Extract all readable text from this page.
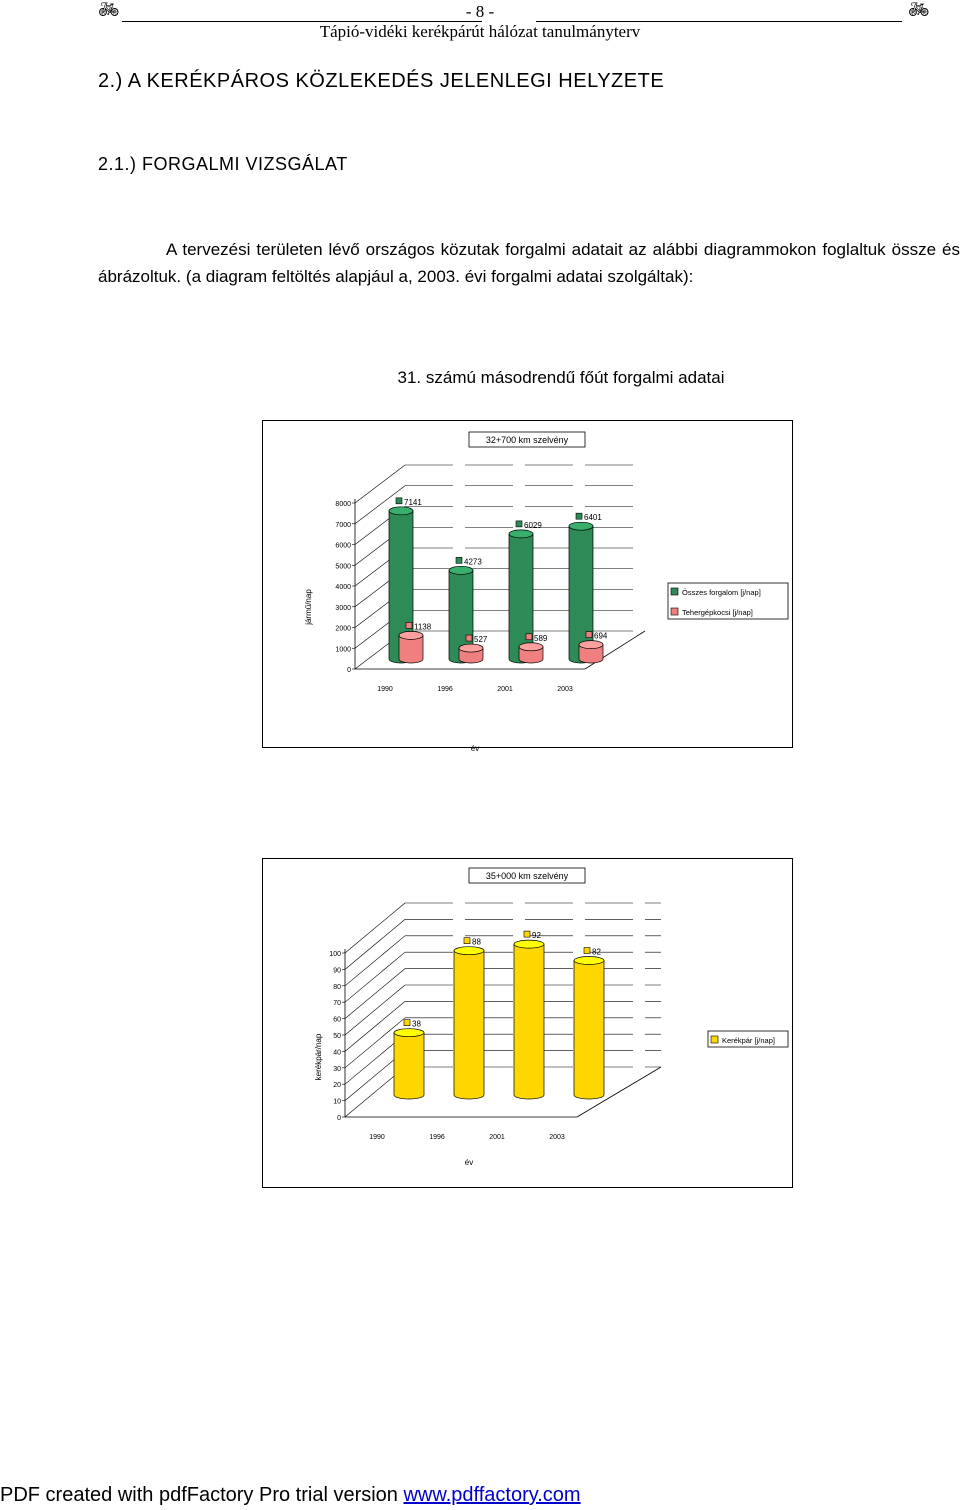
🚲︎	- 8 -	🚲︎
Tápió-vidéki kerékpárút hálózat tanulmányterv
2.) A KERÉKPÁROS KÖZLEKEDÉS JELENLEGI HELYZETE
2.1.) FORGALMI VIZSGÁLAT
A tervezési területen lévő országos közutak forgalmi adatait az alábbi diagrammokon foglaltuk össze és ábrázoltuk. (a diagram feltöltés alapjául a, 2003. évi forgalmi adatai szolgáltak):
31. számú másodrendű főút forgalmi adatai
32+700 km szelvény
0
1000
2000
3000
4000
5000
6000
7000
8000
jármű/nap
1990	1996	2001	2003
év
7141
4273
6029
6401
1138
527	589	694
Összes forgalom [j/nap]
Tehergépkocsi [j/nap]
35+000 km szelvény
0
10
20
30
40
50
60
70
80
90
100
kerékpár/nap
1990	1996	2001	2003
év
38
88
92
82
Kerékpár [j/nap]
PDF created with pdfFactory Pro trial version www.pdffactory.com
